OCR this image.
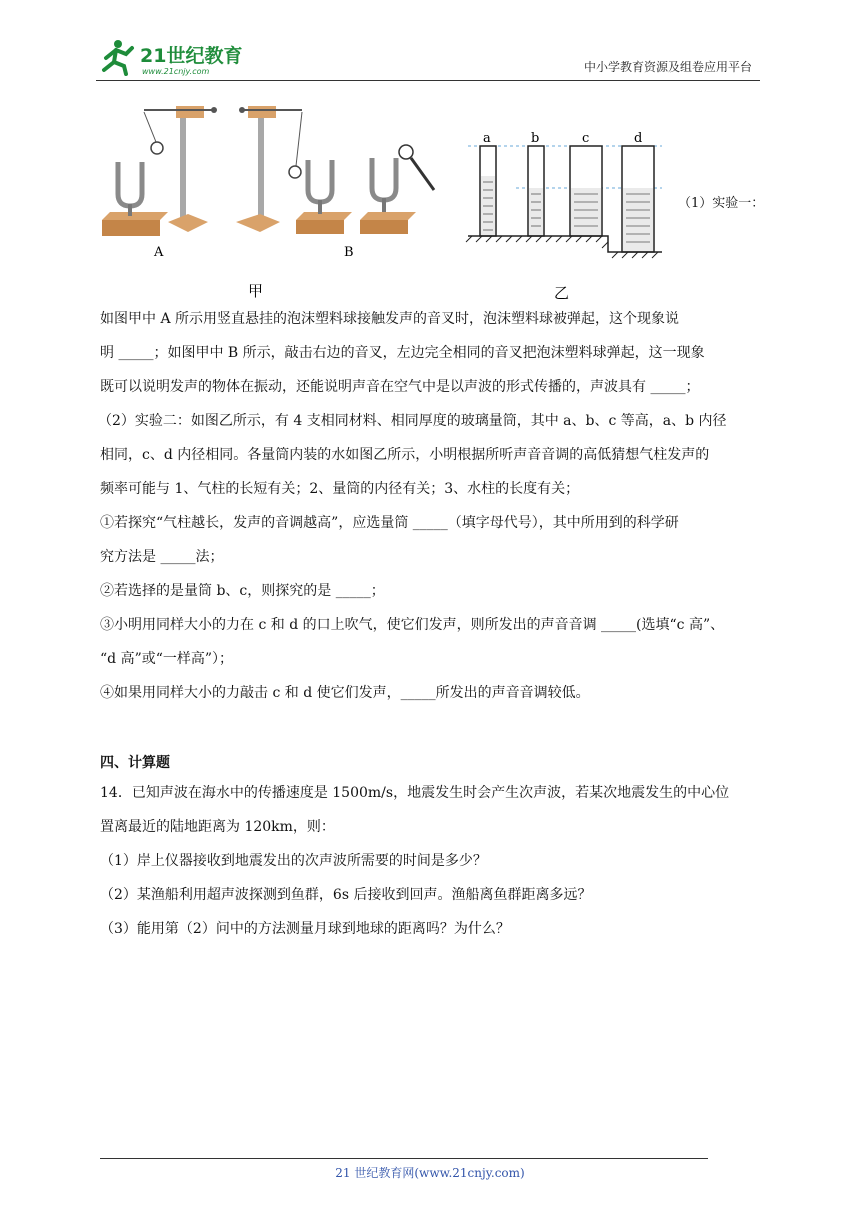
21世纪教育
www.21cnjy.com	中小学教育资源及组卷应用平台
A	B
甲
a	b	c	d
乙
（1）实验一：
如图甲中 A 所示用竖直悬挂的泡沫塑料球接触发声的音叉时，泡沫塑料球被弹起，这个现象说
明 _____；如图甲中 B 所示，敲击右边的音叉，左边完全相同的音叉把泡沫塑料球弹起，这一现象
既可以说明发声的物体在振动，还能说明声音在空气中是以声波的形式传播的，声波具有 _____；
（2）实验二：如图乙所示，有 4 支相同材料、相同厚度的玻璃量筒，其中 a、b、c 等高，a、b 内径
相同，c、d 内径相同。各量筒内装的水如图乙所示，小明根据所听声音音调的高低猜想气柱发声的
频率可能与 1、气柱的长短有关；2、量筒的内径有关；3、水柱的长度有关；
①若探究“气柱越长，发声的音调越高”，应选量筒 _____（填字母代号），其中所用到的科学研
究方法是 _____法；
②若选择的是量筒 b、c，则探究的是 _____；
③小明用同样大小的力在 c 和 d 的口上吹气，使它们发声，则所发出的声音音调 _____(选填“c 高”、
“d 高”或“一样高”）；
④如果用同样大小的力敲击 c 和 d 使它们发声，_____所发出的声音音调较低。
四、计算题
14．已知声波在海水中的传播速度是 1500m/s，地震发生时会产生次声波，若某次地震发生的中心位
置离最近的陆地距离为 120km，则：
（1）岸上仪器接收到地震发出的次声波所需要的时间是多少？
（2）某渔船利用超声波探测到鱼群，6s 后接收到回声。渔船离鱼群距离多远？
（3）能用第（2）问中的方法测量月球到地球的距离吗？为什么？
21 世纪教育网(www.21cnjy.com)
